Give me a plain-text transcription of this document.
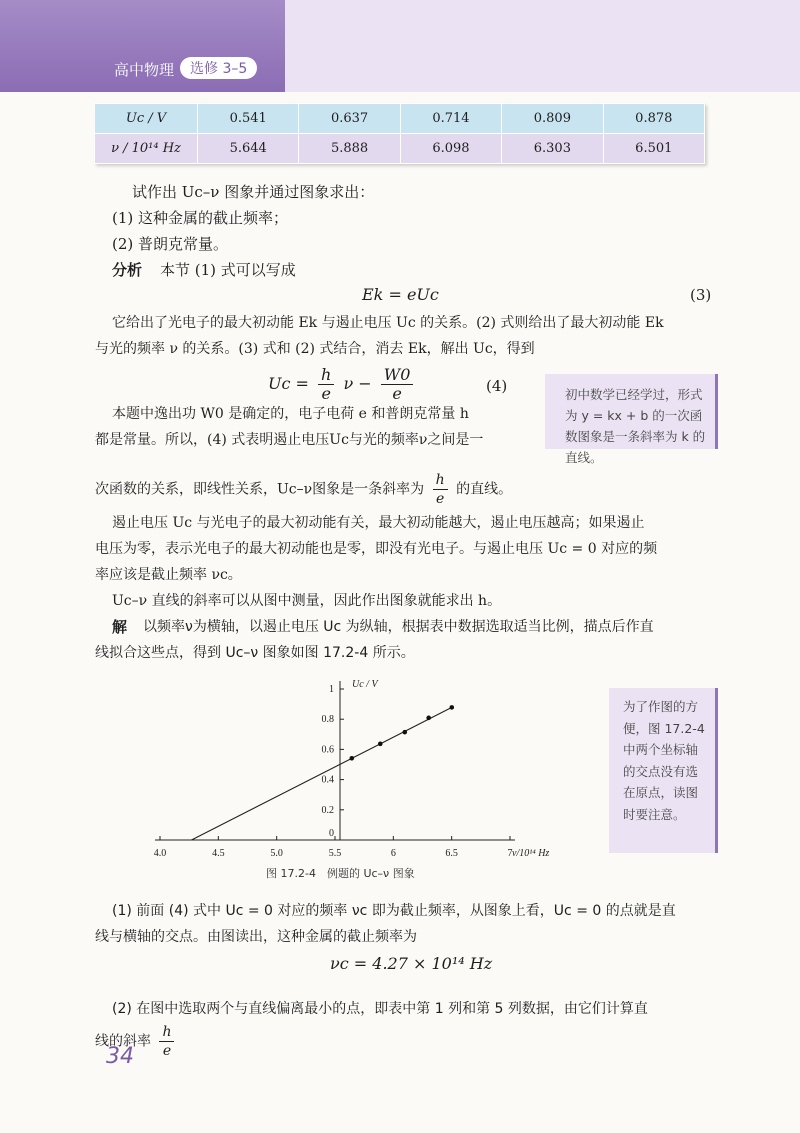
高中物理	选修 3–5
Uc / V	0.541	0.637	0.714	0.809	0.878
ν / 10¹⁴ Hz	5.644	5.888	6.098	6.303	6.501
试作出 Uc–ν 图象并通过图象求出：
(1) 这种金属的截止频率；
(2) 普朗克常量。
分析 本节 (1) 式可以写成
Ek = eUc	(3)
它给出了光电子的最大初动能 Ek 与遏止电压 Uc 的关系。(2) 式则给出了最大初动能 Ek
与光的频率 ν 的关系。(3) 式和 (2) 式结合，消去 Ek，解出 Uc，得到
$Uc = \frac{h}{e}$ $\nu - \frac{W0}{e}$	(4)
本题中逸出功 W0 是确定的，电子电荷 e 和普朗克常量 h
都是常量。所以，(4) 式表明遏止电压Uc与光的频率ν之间是一
次函数的关系，即线性关系，Uc–ν图象是一条斜率为 $\frac{h}{e}$ 的直线。
初中数学已经学过，形式为 y = kx + b 的一次函数图象是一条斜率为 k 的直线。
遏止电压 Uc 与光电子的最大初动能有关，最大初动能越大，遏止电压越高；如果遏止
电压为零，表示光电子的最大初动能也是零，即没有光电子。与遏止电压 Uc = 0 对应的频
率应该是截止频率 νc。
Uc–ν 直线的斜率可以从图中测量，因此作出图象就能求出 h。
解 以频率ν为横轴，以遏止电压 Uc 为纵轴，根据表中数据选取适当比例，描点后作直
线拟合这些点，得到 Uc–ν 图象如图 17.2-4 所示。
Uc / V
ν/10¹⁴ Hz
4.0	4.5	5.0	5.5	6	6.5	7
0.2
0.4
0.6
0.8
1
0
图 17.2-4　例题的 Uc–ν 图象
为了作图的方便，图 17.2-4 中两个坐标轴的交点没有选在原点，读图时要注意。
(1) 前面 (4) 式中 Uc = 0 对应的频率 νc 即为截止频率，从图象上看，Uc = 0 的点就是直
线与横轴的交点。由图读出，这种金属的截止频率为
νc = 4.27 × 10¹⁴ Hz
(2) 在图中选取两个与直线偏离最小的点，即表中第 1 列和第 5 列数据，由它们计算直
线的斜率 $\frac{h}{e}$
34
